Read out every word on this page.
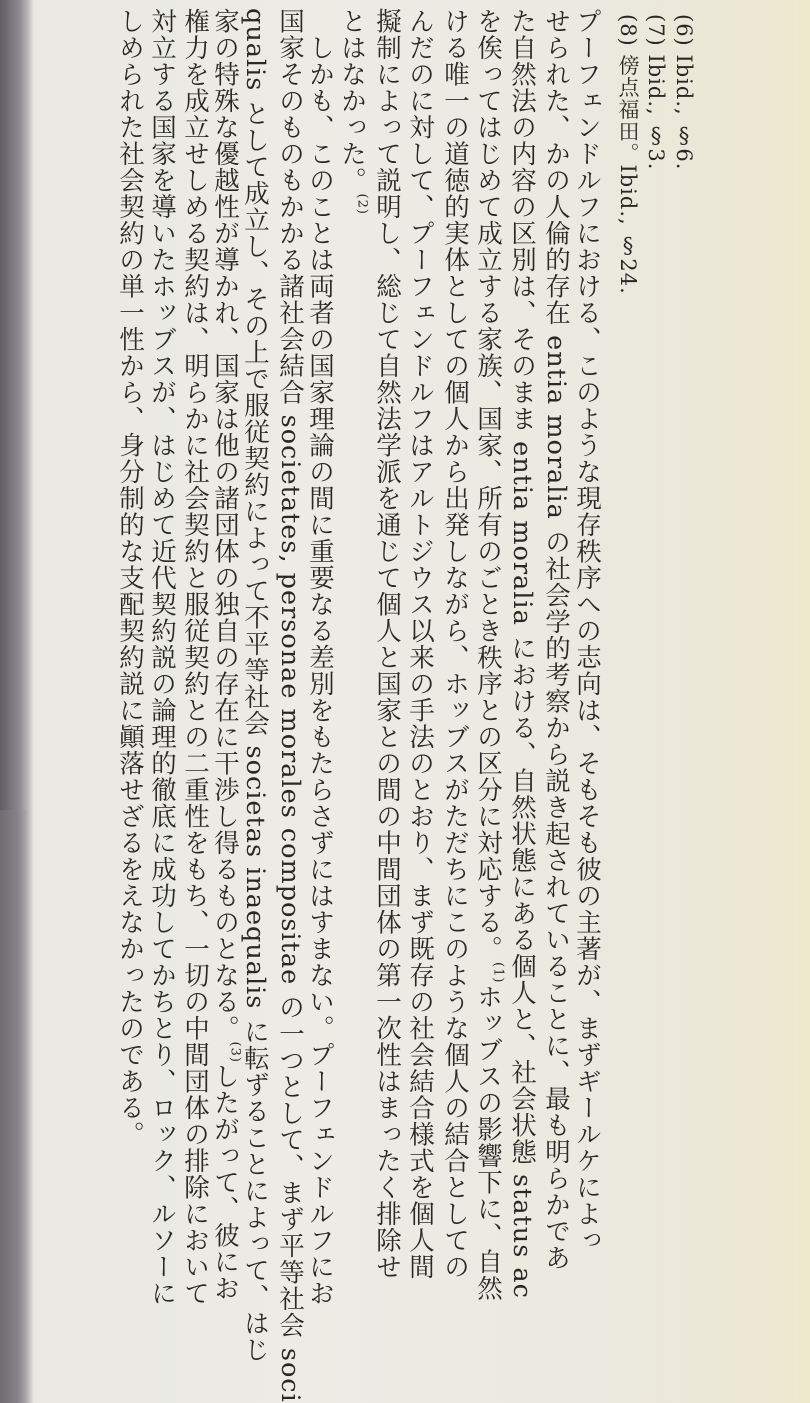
(6) Ibid., §6.
(7) Ibid., §3.
(8) 傍点福田。Ibid., §24.
プーフェンドルフにおける、このような現存秩序への志向は、そもそも彼の主著が、まずギールケによっ
せられた、かの人倫的存在 entia moralia の社会学的考察から説き起されていることに、最も明らかであ
た自然法の内容の区別は、そのまま entia moralia における、自然状態にある個人と、社会状態 status ac
を俟ってはじめて成立する家族、国家、所有のごとき秩序との区分に対応する。$^{(1)}$ホッブスの影響下に、自然
ける唯一の道徳的実体としての個人から出発しながら、ホッブスがただちにこのような個人の結合としての
んだのに対して、プーフェンドルフはアルトジウス以来の手法のとおり、まず既存の社会結合様式を個人間
擬制によって説明し、総じて自然法学派を通じて個人と国家との間の中間団体の第一次性はまったく排除せ
とはなかった。$^{(2)}$
　しかも、このことは両者の国家理論の間に重要なる差別をもたらさずにはすまない。プーフェンドルフにお
国家そのものもかかる諸社会結合 societates, personae morales compositae の一つとして、まず平等社会 soci
qualis として成立し、その上で服従契約によって不平等社会 societas inaequalis に転ずることによって、はじ
家の特殊な優越性が導かれ、国家は他の諸団体の独自の存在に干渉し得るものとなる。$^{(3)}$したがって、彼にお
権力を成立せしめる契約は、明らかに社会契約と服従契約との二重性をもち、一切の中間団体の排除において
対立する国家を導いたホッブスが、はじめて近代契約説の論理的徹底に成功してかちとり、ロック、ルソーに
しめられた社会契約の単一性から、身分制的な支配契約説に顚落せざるをえなかったのである。
